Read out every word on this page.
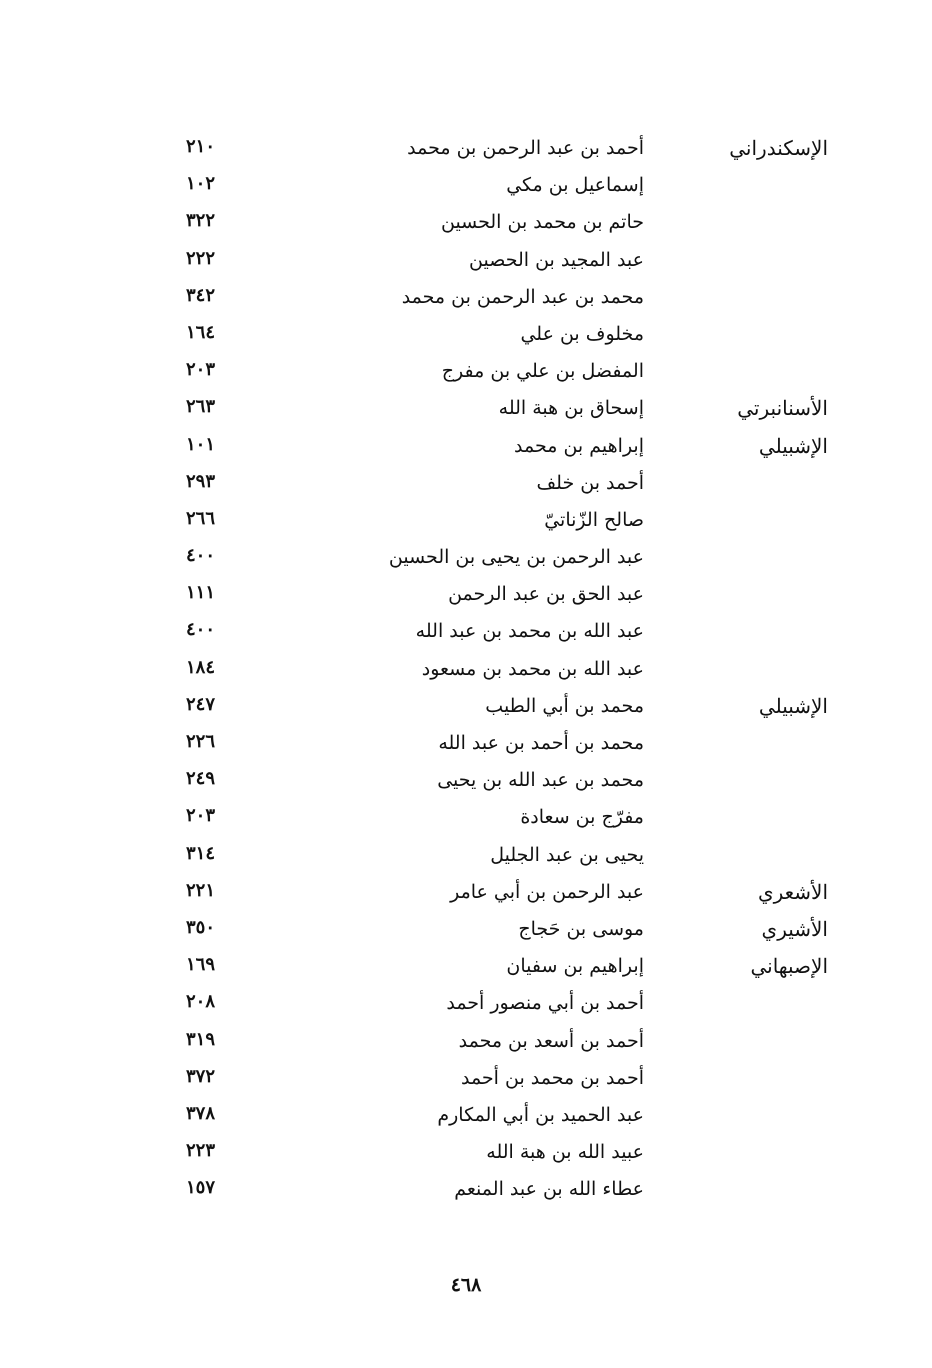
الإسكندراني
أحمد بن عبد الرحمن بن محمد
٢١٠
إسماعيل بن مكي
١٠٢
حاتم بن محمد بن الحسين
٣٢٢
عبد المجيد بن الحصين
٢٢٢
محمد بن عبد الرحمن بن محمد
٣٤٢
مخلوف بن علي
١٦٤
المفضل بن علي بن مفرج
٢٠٣
الأسنانبرتي
إسحاق بن هبة الله
٢٦٣
الإشبيلي
إبراهيم بن محمد
١٠١
أحمد بن خلف
٢٩٣
صالح الزّناتيّ
٢٦٦
عبد الرحمن بن يحيى بن الحسين
٤٠٠
عبد الحق بن عبد الرحمن
١١١
عبد الله بن محمد بن عبد الله
٤٠٠
عبد الله بن محمد بن مسعود
١٨٤
الإشبيلي
محمد بن أبي الطيب
٢٤٧
محمد بن أحمد بن عبد الله
٢٢٦
محمد بن عبد الله بن يحيى
٢٤٩
مفرّج بن سعادة
٢٠٣
يحيى بن عبد الجليل
٣١٤
الأشعري
عبد الرحمن بن أبي عامر
٢٢١
الأشيري
موسى بن حَجاج
٣٥٠
الإصبهاني
إبراهيم بن سفيان
١٦٩
أحمد بن أبي منصور أحمد
٢٠٨
أحمد بن أسعد بن محمد
٣١٩
أحمد بن محمد بن أحمد
٣٧٢
عبد الحميد بن أبي المكارم
٣٧٨
عبيد الله بن هبة الله
٢٢٣
عطاء الله بن عبد المنعم
١٥٧
٤٦٨
